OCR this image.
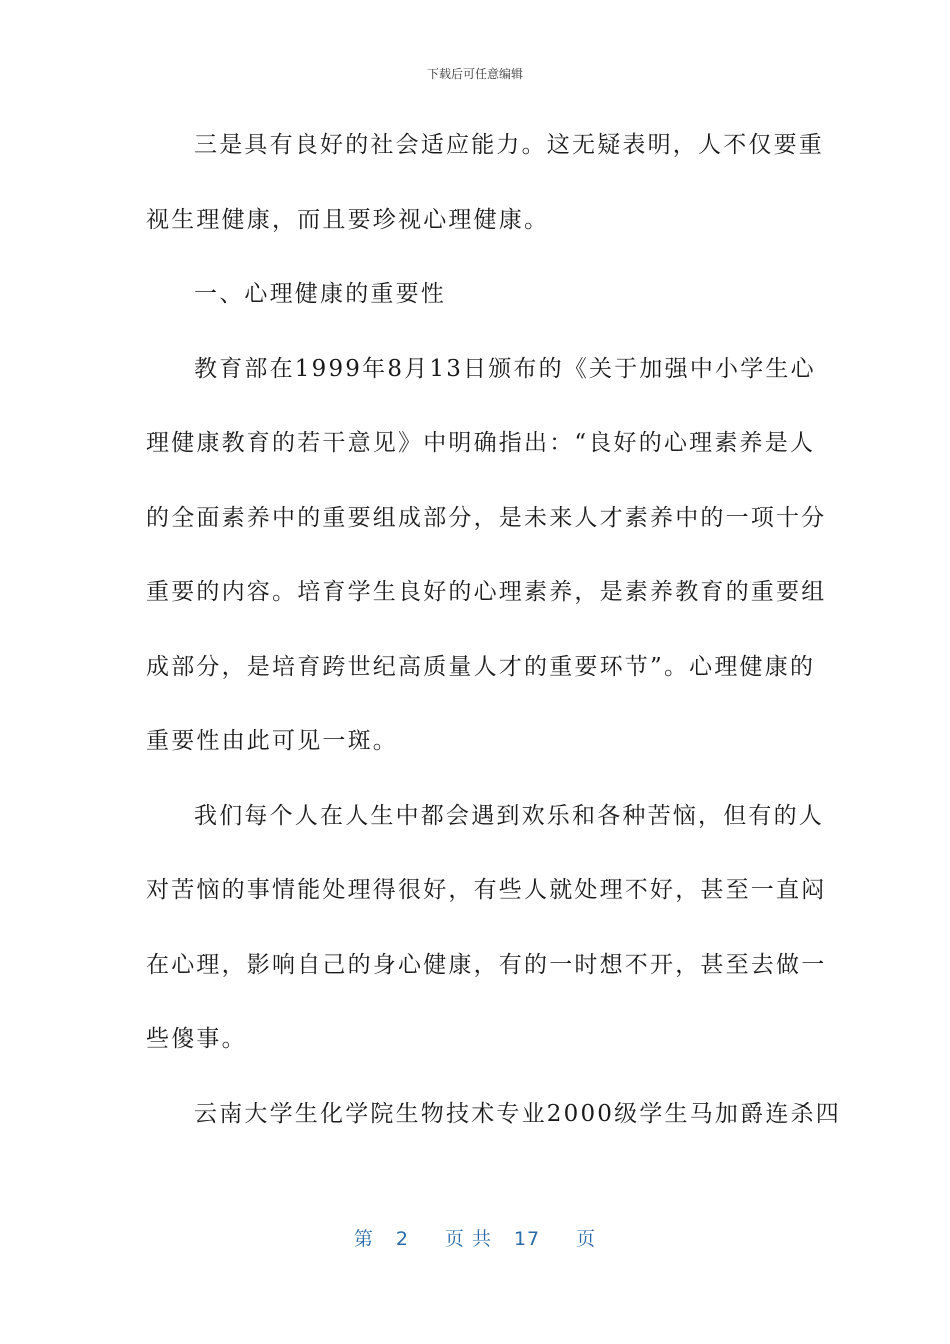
下载后可任意编辑
三是具有良好的社会适应能力。这无疑表明，人不仅要重
视生理健康，而且要珍视心理健康。
一、心理健康的重要性
教育部在1999年8月13日颁布的《关于加强中小学生心
理健康教育的若干意见》中明确指出：“良好的心理素养是人
的全面素养中的重要组成部分，是未来人才素养中的一项十分
重要的内容。培育学生良好的心理素养，是素养教育的重要组
成部分，是培育跨世纪高质量人才的重要环节”。心理健康的
重要性由此可见一斑。
我们每个人在人生中都会遇到欢乐和各种苦恼，但有的人
对苦恼的事情能处理得很好，有些人就处理不好，甚至一直闷
在心理，影响自己的身心健康，有的一时想不开，甚至去做一
些傻事。
云南大学生化学院生物技术专业2000级学生马加爵连杀四
第 2 页 共 17 页
